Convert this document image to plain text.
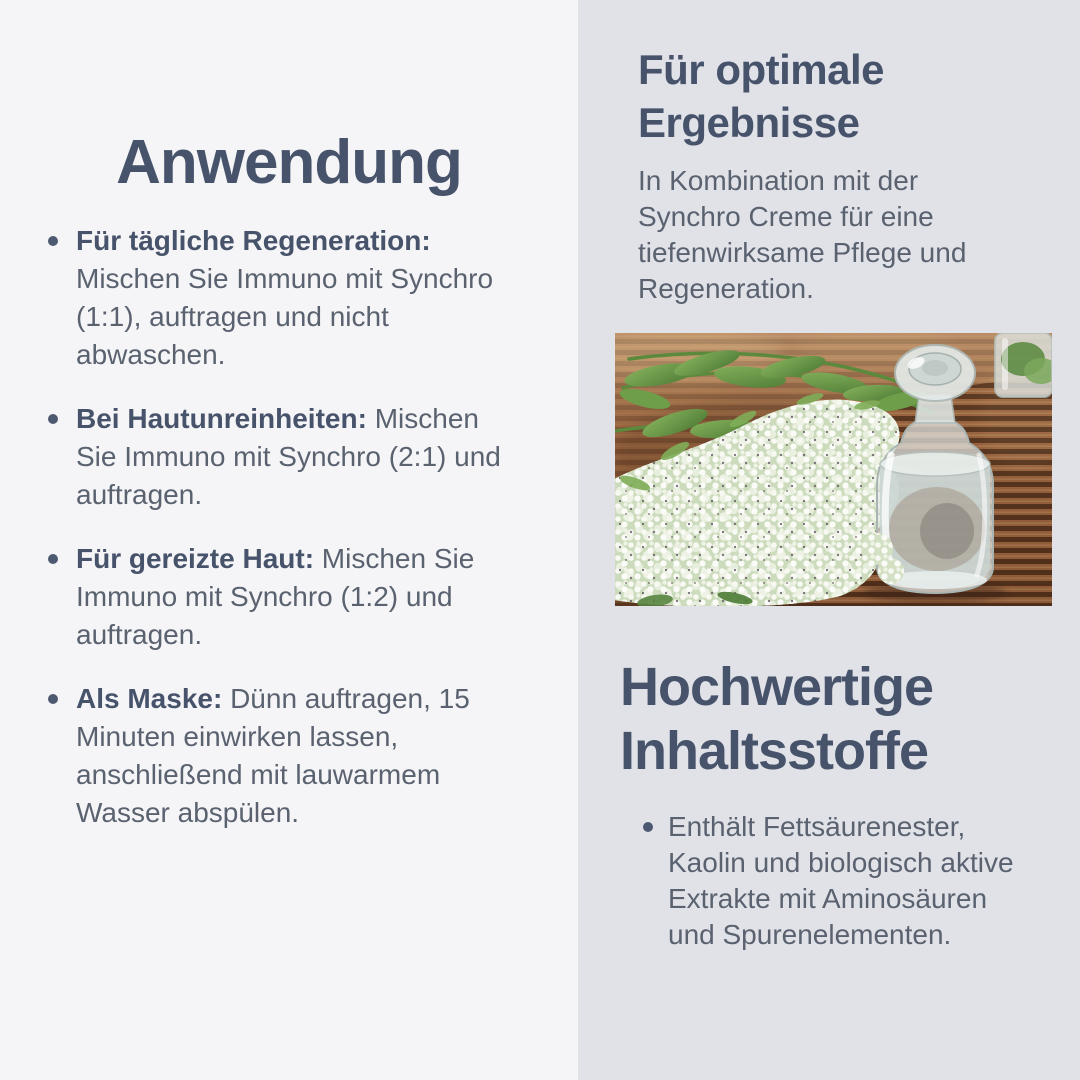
Anwendung

Für tägliche Regeneration: Mischen Sie Immuno mit Synchro (1:1), auftragen und nicht abwaschen.

Bei Hautunreinheiten: Mischen Sie Immuno mit Synchro (2:1) und auftragen.

Für gereizte Haut: Mischen Sie Immuno mit Synchro (1:2) und auftragen.

Als Maske: Dünn auftragen, 15 Minuten einwirken lassen, anschließend mit lauwarmem Wasser abspülen.

Für optimale Ergebnisse

In Kombination mit der Synchro Creme für eine tiefenwirksame Pflege und Regeneration.

Hochwertige Inhaltsstoffe

Enthält Fettsäurenester, Kaolin und biologisch aktive Extrakte mit Aminosäuren und Spurenelementen.
